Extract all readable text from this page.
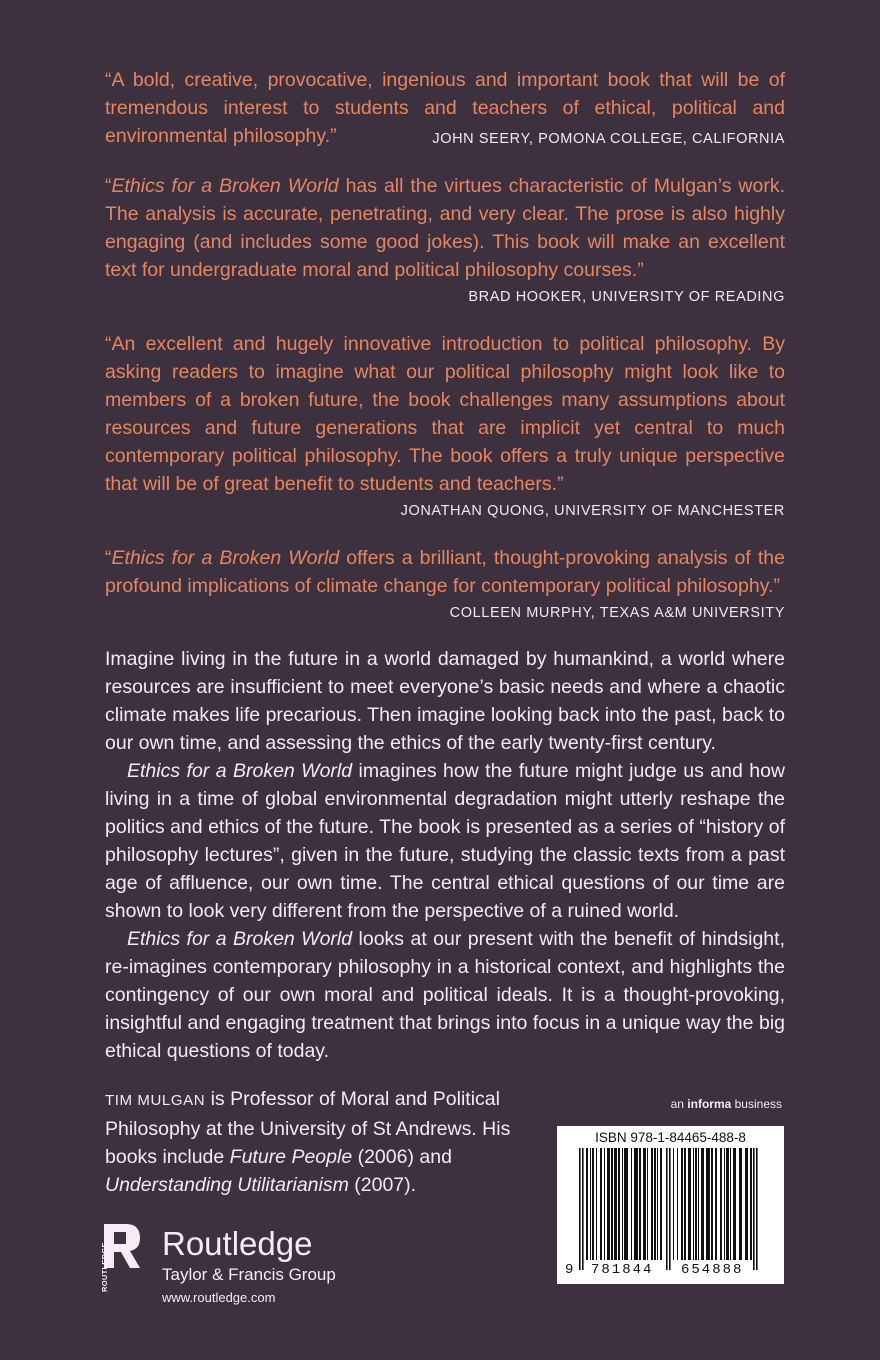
“A bold, creative, provocative, ingenious and important book that will be of tremendous interest to students and teachers of ethical, political and environmental philosophy.”	JOHN SEERY, POMONA COLLEGE, CALIFORNIA

“Ethics for a Broken World has all the virtues characteristic of Mulgan’s work. The analysis is accurate, penetrating, and very clear. The prose is also highly engaging (and includes some good jokes). This book will make an excellent text for undergraduate moral and political philosophy courses.”

BRAD HOOKER, UNIVERSITY OF READING

“An excellent and hugely innovative introduction to political philosophy. By asking readers to imagine what our political philosophy might look like to members of a broken future, the book challenges many assumptions about resources and future generations that are implicit yet central to much contemporary political philosophy. The book offers a truly unique perspective that will be of great benefit to students and teachers.”

JONATHAN QUONG, UNIVERSITY OF MANCHESTER

“Ethics for a Broken World offers a brilliant, thought-provoking analysis of the profound implications of climate change for contemporary political philosophy.”

COLLEEN MURPHY, TEXAS A&M UNIVERSITY

Imagine living in the future in a world damaged by humankind, a world where resources are insufficient to meet everyone’s basic needs and where a chaotic climate makes life precarious. Then imagine looking back into the past, back to our own time, and assessing the ethics of the early twenty-first century.

Ethics for a Broken World imagines how the future might judge us and how living in a time of global environmental degradation might utterly reshape the politics and ethics of the future. The book is presented as a series of “history of philosophy lectures”, given in the future, studying the classic texts from a past age of affluence, our own time. The central ethical questions of our time are shown to look very different from the perspective of a ruined world.

Ethics for a Broken World looks at our present with the benefit of hindsight, re-imagines contemporary philosophy in a historical context, and highlights the contingency of our own moral and political ideals. It is a thought-provoking, insightful and engaging treatment that brings into focus in a unique way the big ethical questions of today.

TIM MULGAN is Professor of Moral and Political Philosophy at the University of St Andrews. His books include Future People (2006) and Understanding Utilitarianism (2007).

ROUTLEDGE Routledge
Taylor & Francis Group
www.routledge.com
an informa business
ISBN 978-1-84465-488-8
9 781844 654888
